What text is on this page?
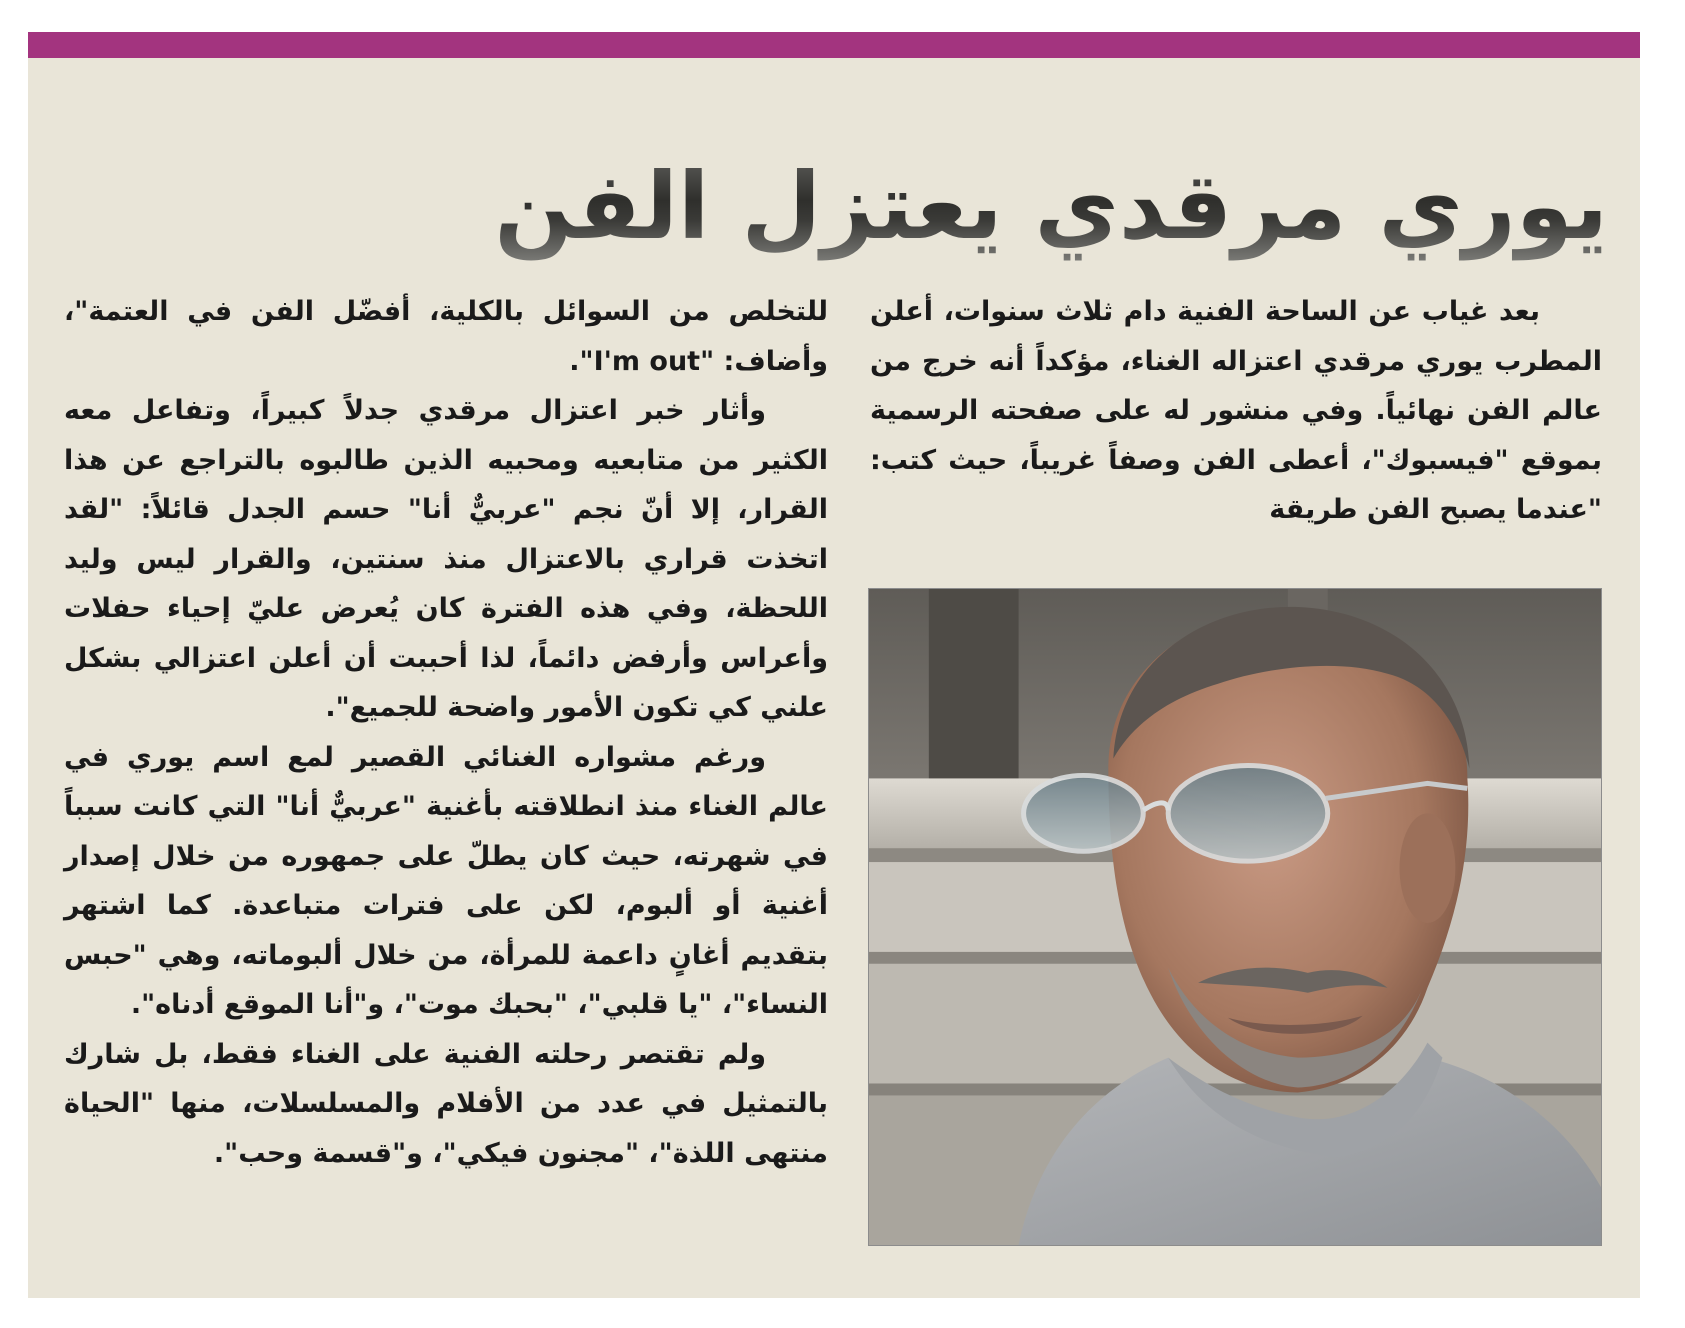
يوري مرقدي يعتزل الفن

بعد غياب عن الساحة الفنية دام ثلاث سنوات، أعلن المطرب يوري مرقدي اعتزاله الغناء، مؤكداً أنه خرج من عالم الفن نهائياً. وفي منشور له على صفحته الرسمية بموقع "فيسبوك"، أعطى الفن وصفاً غريباً، حيث كتب: "عندما يصبح الفن طريقة

للتخلص من السوائل بالكلية، أفضّل الفن في العتمة"، وأضاف: "I'm out".

وأثار خبر اعتزال مرقدي جدلاً كبيراً، وتفاعل معه الكثير من متابعيه ومحبيه الذين طالبوه بالتراجع عن هذا القرار، إلا أنّ نجم "عربيٌّ أنا" حسم الجدل قائلاً: "لقد اتخذت قراري بالاعتزال منذ سنتين، والقرار ليس وليد اللحظة، وفي هذه الفترة كان يُعرض عليّ إحياء حفلات وأعراس وأرفض دائماً، لذا أحببت أن أعلن اعتزالي بشكل علني كي تكون الأمور واضحة للجميع".

ورغم مشواره الغنائي القصير لمع اسم يوري في عالم الغناء منذ انطلاقته بأغنية "عربيٌّ أنا" التي كانت سبباً في شهرته، حيث كان يطلّ على جمهوره من خلال إصدار أغنية أو ألبوم، لكن على فترات متباعدة. كما اشتهر بتقديم أغانٍ داعمة للمرأة، من خلال ألبوماته، وهي "حبس النساء"، "يا قلبي"، "بحبك موت"، و"أنا الموقع أدناه".

ولم تقتصر رحلته الفنية على الغناء فقط، بل شارك بالتمثيل في عدد من الأفلام والمسلسلات، منها "الحياة منتهى اللذة"، "مجنون فيكي"، و"قسمة وحب".
